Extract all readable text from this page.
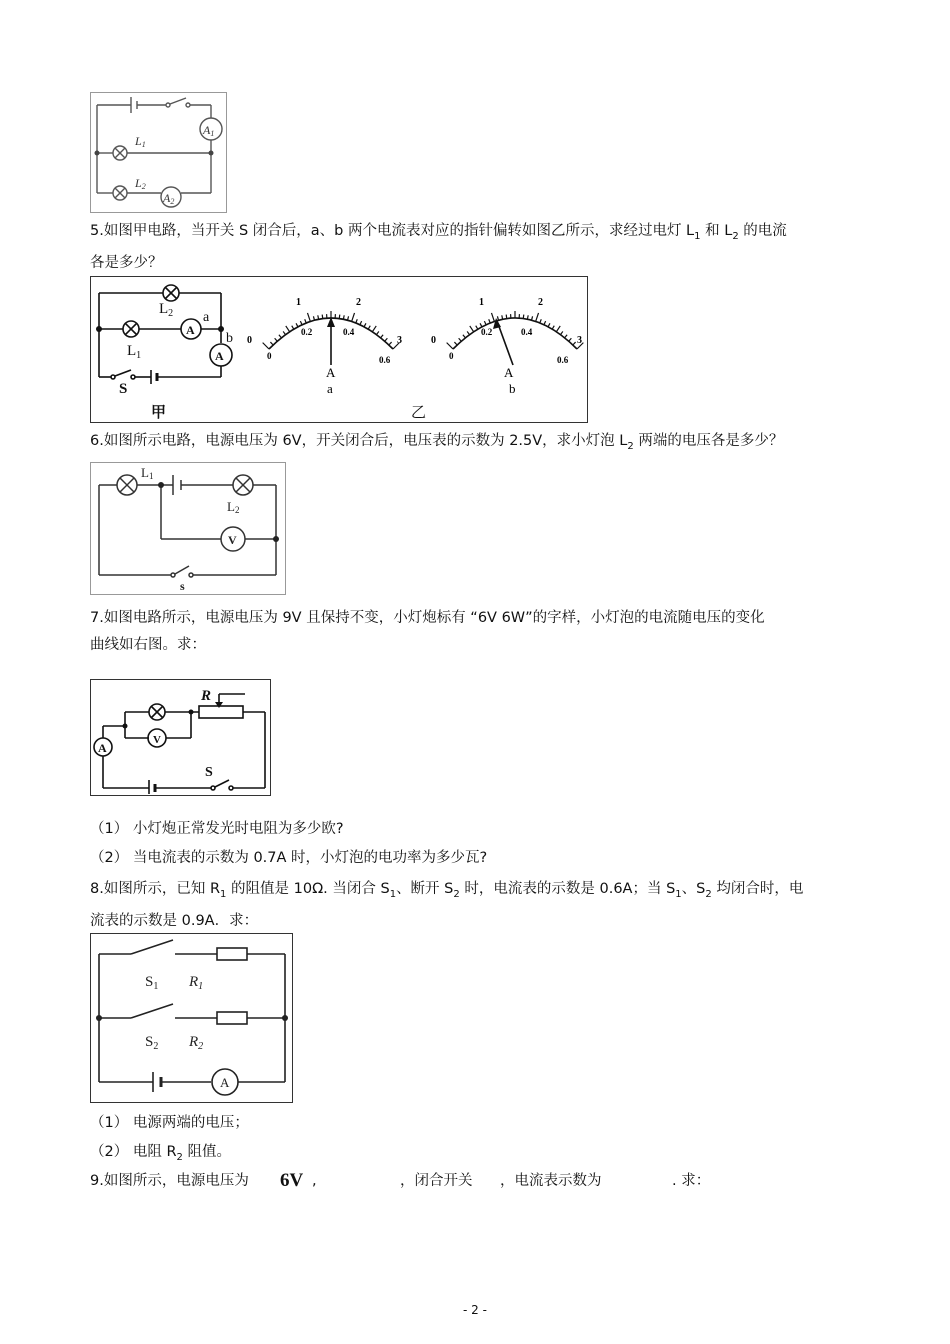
A1
L1
L2
A2
5.如图甲电路，当开关 S 闭合后，a、b 两个电流表对应的指针偏转如图乙所示，求经过电灯 $L_1$ 和 $L_2$ 的电流
各是多少？
$L_2$
$L_1$
A
A
a
b
S
甲	乙
0
1	2
3
0
0.2	0.4
0.6
A
a
0
1	2
3
0
0.2	0.4
0.6
A
b
6.如图所示电路，电源电压为 6V，开关闭合后，电压表的示数为 2.5V，求小灯泡 $L_2$ 两端的电压各是多少？
L1
L2
V
s
7.如图电路所示，电源电压为 9V 且保持不变，小灯炮标有 “6V 6W”的字样，小灯泡的电流随电压的变化
曲线如右图。求：
R
A
V
S
（1） 小灯炮正常发光时电阻为多少欧?
（2） 当电流表的示数为 0.7A 时，小灯泡的电功率为多少瓦?
8.如图所示，已知 $R_1$ 的阻值是 10Ω. 当闭合 $S_1$、断开 $S_2$ 时，电流表的示数是 0.6A；当 $S_1$、$S_2$ 均闭合时，电
流表的示数是 0.9A．求：
$S_1$ $R_1$
$S_2$ $R_2$
A
（1） 电源两端的电压；
（2） 电阻 $R_2$ 阻值。
9.如图所示，电源电压为 6V ,	，闭合开关 ，电流表示数为	. 求：
- 2 -
